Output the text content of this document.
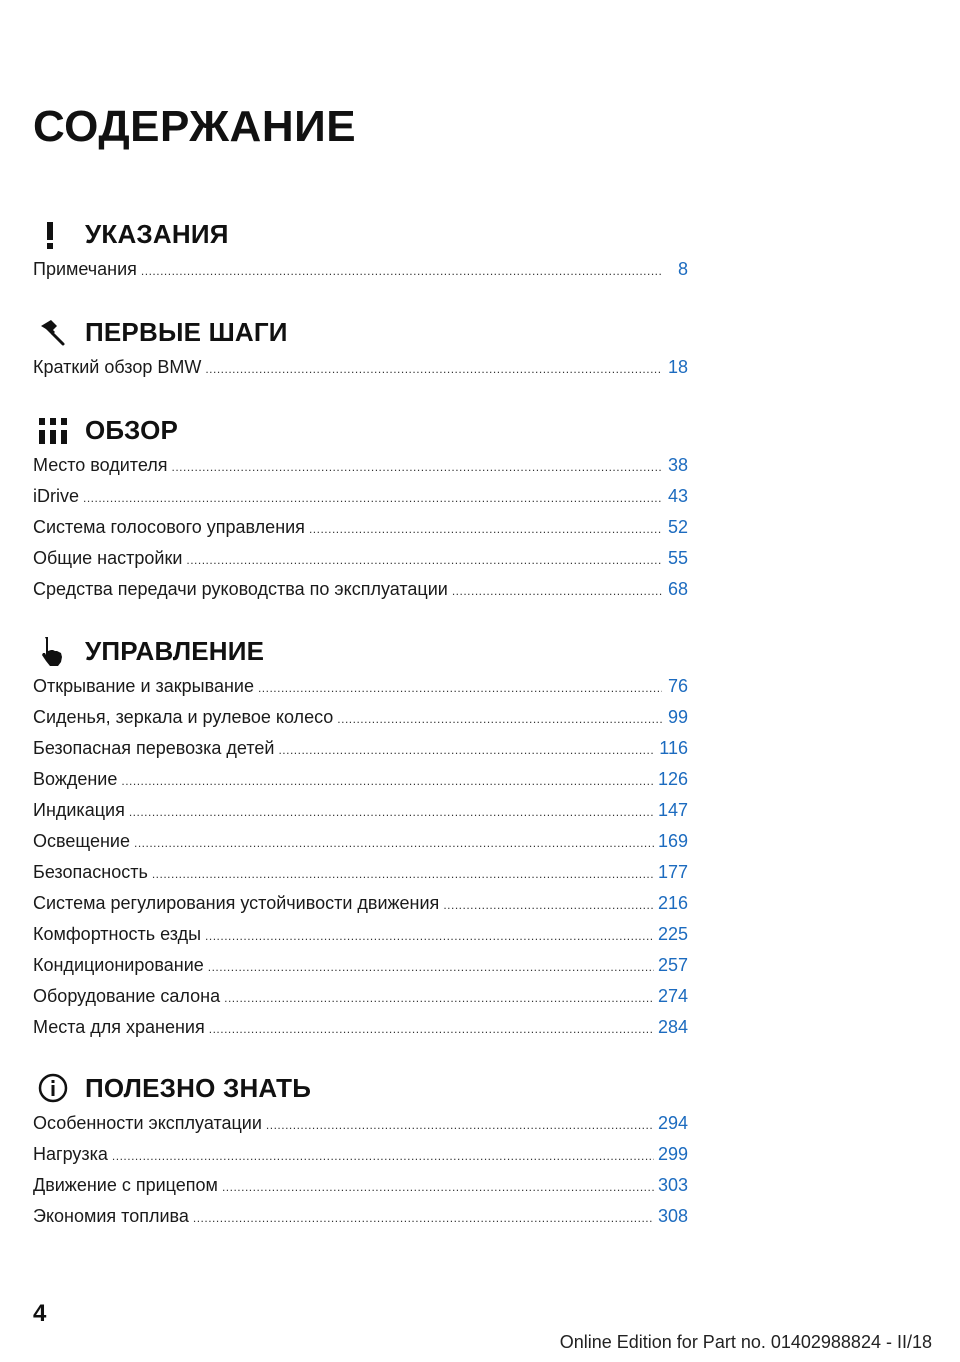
СОДЕРЖАНИЕ
УКАЗАНИЯ
Примечания .....	8
ПЕРВЫЕ ШАГИ
Краткий обзор BMW .....	18
ОБЗОР
Место водителя .....	38
iDrive .....	43
Система голосового управления .....	52
Общие настройки .....	55
Средства передачи руководства по эксплуатации .....	68
УПРАВЛЕНИЕ
Открывание и закрывание .....	76
Сиденья, зеркала и рулевое колесо .....	99
Безопасная перевозка детей .....	116
Вождение .....	126
Индикация .....	147
Освещение .....	169
Безопасность .....	177
Система регулирования устойчивости движения .....	216
Комфортность езды .....	225
Кондиционирование .....	257
Оборудование салона .....	274
Места для хранения .....	284
ПОЛЕЗНО ЗНАТЬ
Особенности эксплуатации .....	294
Нагрузка .....	299
Движение с прицепом .....	303
Экономия топлива .....	308
4
Online Edition for Part no. 01402988824 - II/18
